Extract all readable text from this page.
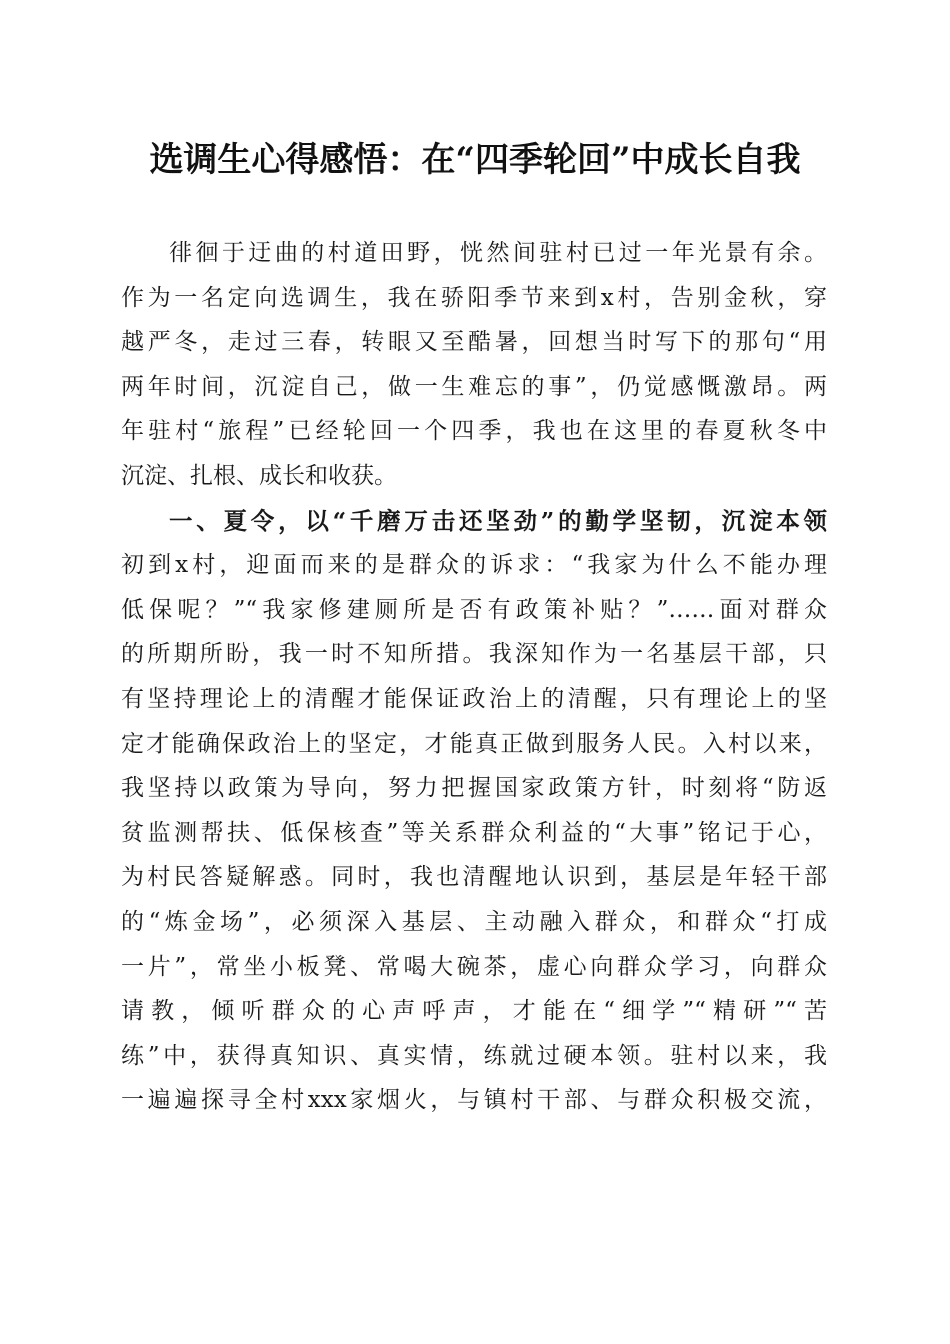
选调生心得感悟：在“四季轮回”中成长自我
徘徊于迂曲的村道田野，恍然间驻村已过一年光景有余。
作为一名定向选调生，我在骄阳季节来到x村，告别金秋，穿
越严冬，走过三春，转眼又至酷暑，回想当时写下的那句“用
两年时间，沉淀自己，做一生难忘的事”，仍觉感慨激昂。两
年驻村“旅程”已经轮回一个四季，我也在这里的春夏秋冬中
沉淀、扎根、成长和收获。
一、夏令，以“千磨万击还坚劲”的勤学坚韧，沉淀本领
初到x村，迎面而来的是群众的诉求：“我家为什么不能办理
低保呢？”“我家修建厕所是否有政策补贴？”……面对群众
的所期所盼，我一时不知所措。我深知作为一名基层干部，只
有坚持理论上的清醒才能保证政治上的清醒，只有理论上的坚
定才能确保政治上的坚定，才能真正做到服务人民。入村以来，
我坚持以政策为导向，努力把握国家政策方针，时刻将“防返
贫监测帮扶、低保核查”等关系群众利益的“大事”铭记于心，
为村民答疑解惑。同时，我也清醒地认识到，基层是年轻干部
的“炼金场”，必须深入基层、主动融入群众，和群众“打成
一片”，常坐小板凳、常喝大碗茶，虚心向群众学习，向群众
请教，倾听群众的心声呼声，才能在“细学”“精研”“苦
练”中，获得真知识、真实情，练就过硬本领。驻村以来，我
一遍遍探寻全村xxx家烟火，与镇村干部、与群众积极交流，
